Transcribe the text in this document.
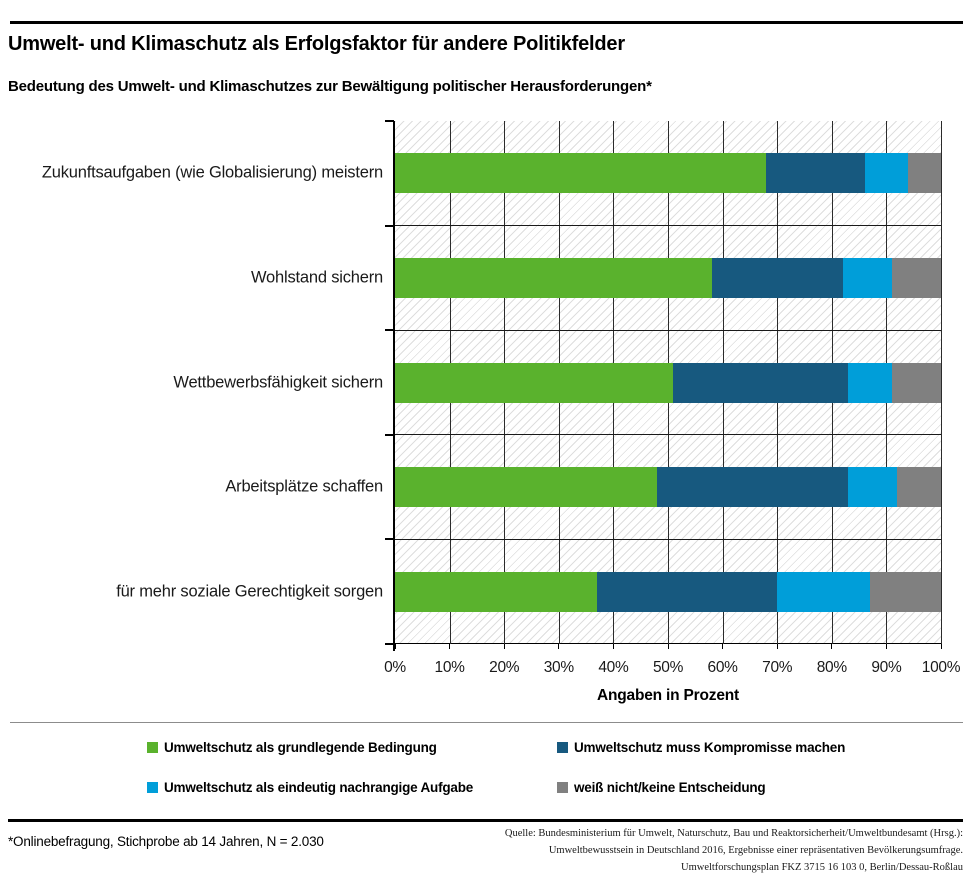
Umwelt- und Klimaschutz als Erfolgsfaktor für andere Politikfelder
Bedeutung des Umwelt- und Klimaschutzes zur Bewältigung politischer Herausforderungen*
Angaben in Prozent
Umweltschutz als grundlegende Bedingung	Umweltschutz muss Kompromisse machen
Umweltschutz als eindeutig nachrangige Aufgabe	weiß nicht/keine Entscheidung
*Onlinebefragung, Stichprobe ab 14 Jahren, N = 2.030
Quelle: Bundesministerium für Umwelt, Naturschutz, Bau und Reaktorsicherheit/Umweltbundesamt (Hrsg.):
Umweltbewusstsein in Deutschland 2016, Ergebnisse einer repräsentativen Bevölkerungsumfrage.
Umweltforschungsplan FKZ 3715 16 103 0, Berlin/Dessau-Roßlau
0%	10%	20%	30%	40%	50%	60%	70%	80%	90%	100%
Zukunftsaufgaben (wie Globalisierung) meistern
Wohlstand sichern
Wettbewerbsfähigkeit sichern
Arbeitsplätze schaffen
für mehr soziale Gerechtigkeit sorgen
